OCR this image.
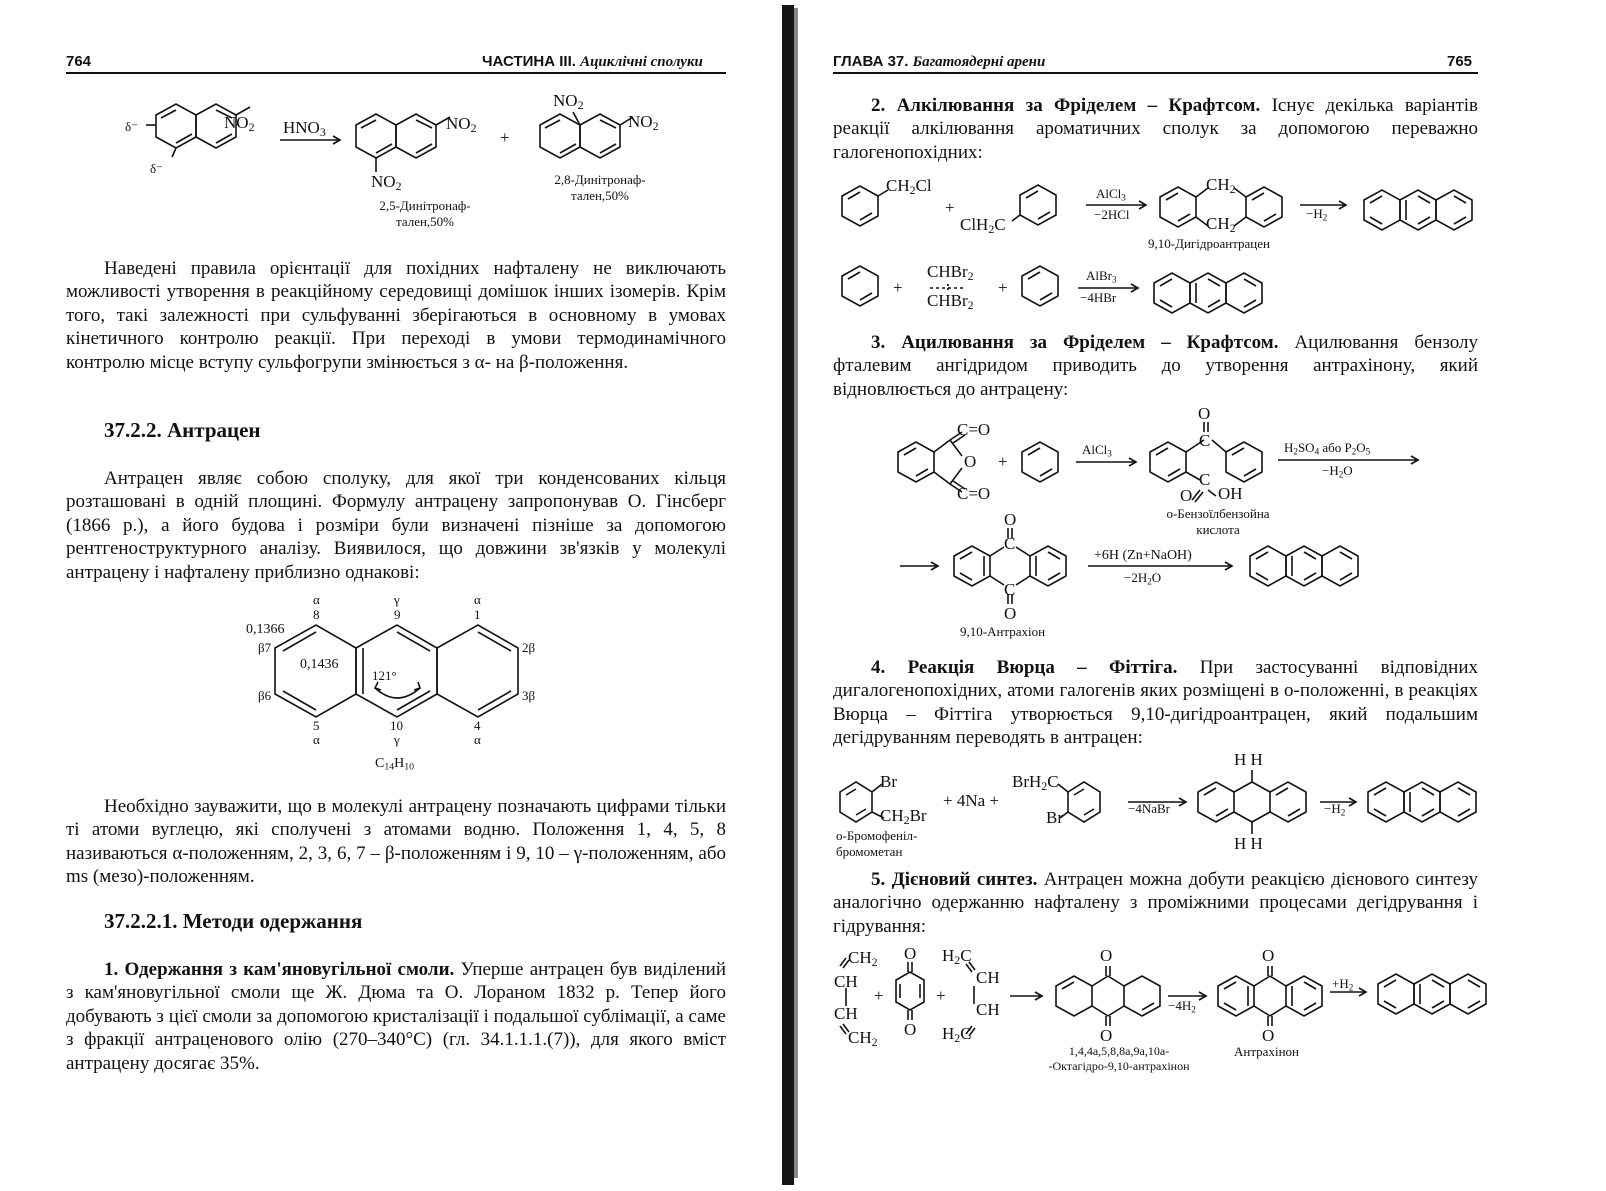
764	ЧАСТИНА III. Ациклічні сполуки
δ⁻
δ⁻
$NO_2$ $HNO_3$	$NO_2$
$NO_2$
+
$NO_2$
$NO_2$
2,5-Динітронаф-
тален,50%
2,8-Динітронаф-
тален,50%
Наведені правила орієнтації для похідних нафталену не виключають можливості утворення в реакційному середовищі домішок інших ізомерів. Крім того, такі залежності при сульфуванні зберігаються в основному в умовах кінетичного контролю реакції. При переході в умови термодинамічного контролю місце вступу сульфогрупи змінюється з α- на β-положення.
37.2.2. Антрацен
Антрацен являє собою сполуку, для якої три конденсованих кільця розташовані в одній площині. Формулу антрацену запропонував О. Гінсберг (1866 р.), а його будова і розміри були визначені пізніше за допомогою рентгеноструктурного аналізу. Виявилося, що довжини зв'язків у молекулі антрацену і нафталену приблизно однакові:
α
8
γ
9
α
1
0,1366
0,1436
121°
β7
β6
2β
3β
5
α
10
γ
4
α
$C_{14}H_{10}$
Необхідно зауважити, що в молекулі антрацену позначають цифрами тільки ті атоми вуглецю, які сполучені з атомами водню. Положення 1, 4, 5, 8 називаються α-положенням, 2, 3, 6, 7 – β-положенням і 9, 10 – γ-положенням, або ms (мезо)-положенням.
37.2.2.1. Методи одержання
1. Одержання з кам'яновугільної смоли. Уперше антрацен був виділений з кам'яновугільної смоли ще Ж. Дюма та О. Лораном 1832 р. Тепер його добувають з цієї смоли за допомогою кристалізації і подальшої сублімації, а саме з фракції антраценового олію (270–340°С) (гл. 34.1.1.1.(7)), для якого вміст антрацену досягає 35%.
ГЛАВА 37. Багатоядерні арени	765
2. Алкілювання за Фріделем – Крафтсом. Існує декілька варіантів реакції алкілювання ароматичних сполук за допомогою переважно галогенопохідних:
$CH_2Cl$
+
ClH$_2$C
AlCl$_3$
−2HCl
$CH_2$
$CH_2$
$-H_2$
9,10-Дигідроантрацен
+
CHBr$_2$
CHBr$_2$
+
AlBr$_3$
−4HBr
3. Ацилювання за Фріделем – Крафтсом. Ацилювання бензолу фталевим ангідридом приводить до утворення антрахінону, який відновлюється до антрацену:
C=O
O
C=O
+
AlCl$_3$
O
C
C
O OH
о-Бензоїлбензойна
кислота
$H_2SO_4$ або $P_2O_5$
$-H_2O$
O
C
C
O
9,10-Антрахіон
+6H (Zn+NaOH)
$-2H_2O$
4. Реакція Вюрца – Фіттіга. При застосуванні відповідних дигалогенопохідних, атоми галогенів яких розміщені в о-положенні, в реакціях Вюрца – Фіттіга утворюється 9,10-дигідроантрацен, який подальшим дегідруванням переводять в антрацен:
Br
$CH_2Br$
+ 4Na +
BrH$_2$C
Br	−4NaBr
H H
H H
$-H_2$
о-Бромофеніл-
бромометан
5. Дієновий синтез. Антрацен можна добути реакцією дієнового синтезу аналогічно одержанню нафталену з проміжними процесами дегідрування і гідрування:
$CH_2$
CH
CH
$CH_2$
+
O
O
+
$H_2C$
CH
CH
$H_2C$
O
O
$-4H_2$
O
O
$+H_2$
1,4,4a,5,8,8a,9a,10a-
-Октагідро-9,10-антрахінон
Антрахінон
